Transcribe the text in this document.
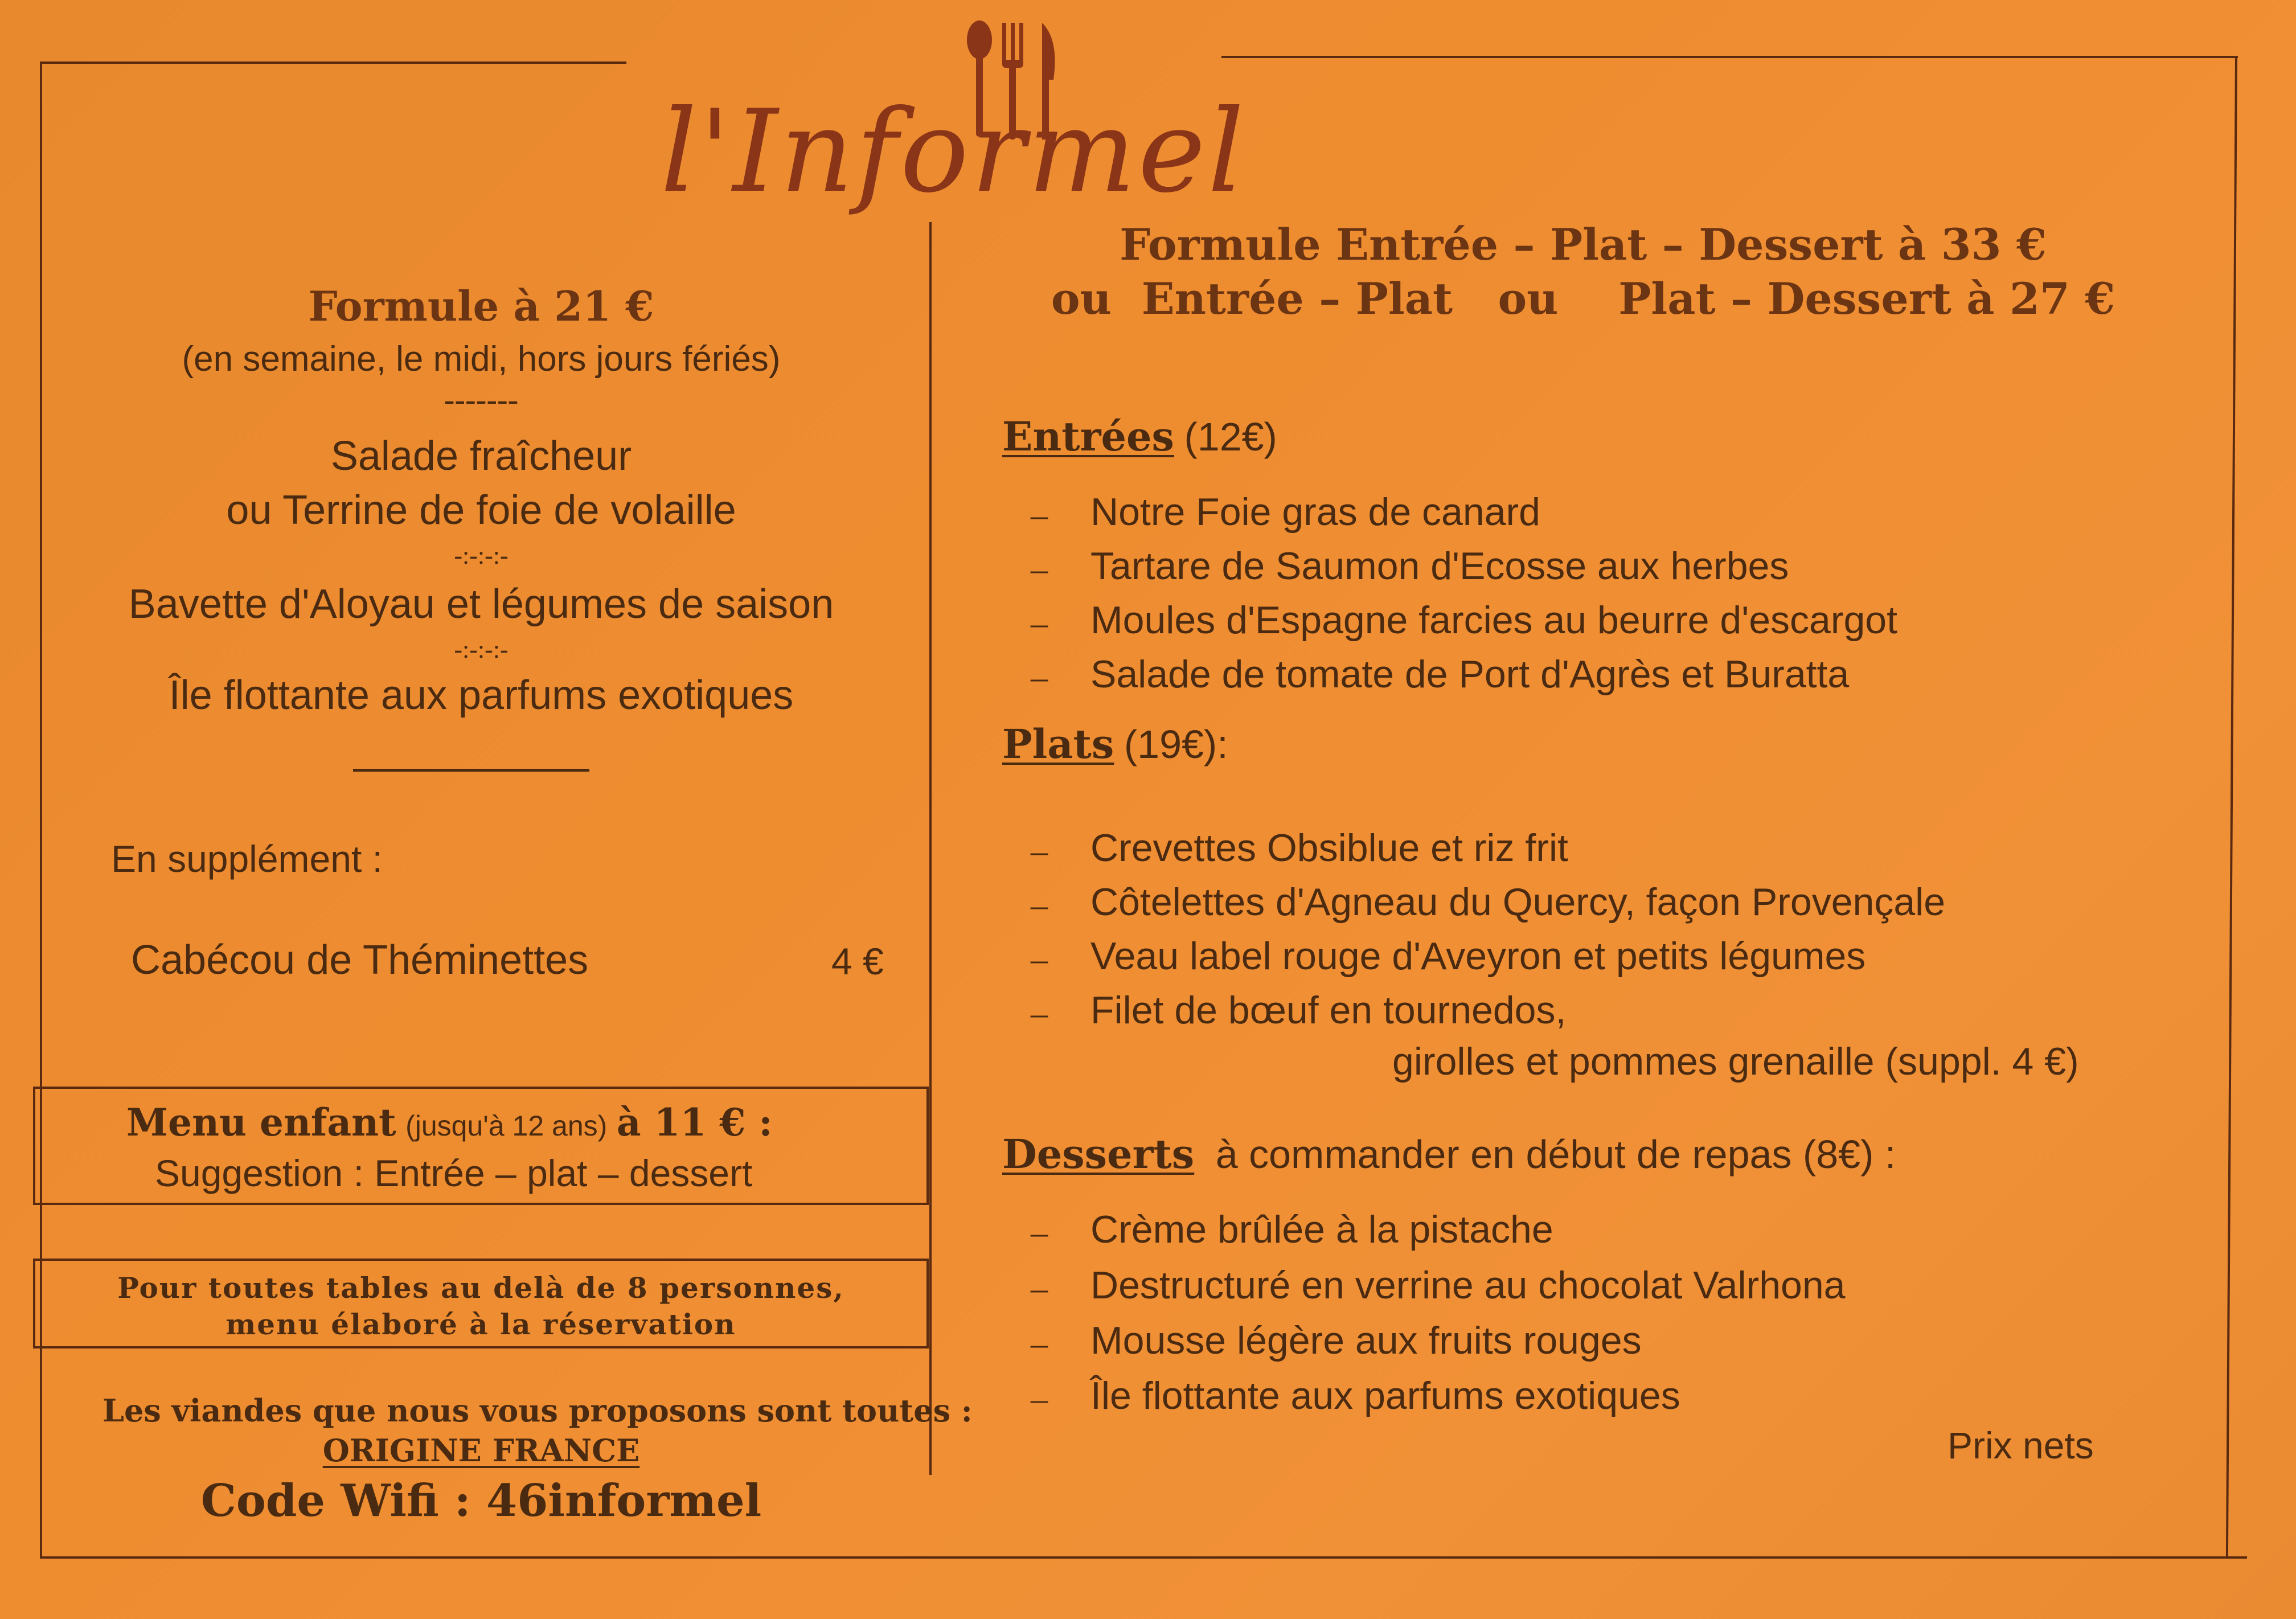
l'Informel
Formule à 21 €
(en semaine, le midi, hors jours fériés)
-------
Salade fraîcheur
ou Terrine de foie de volaille
-:-:-:-
Bavette d'Aloyau et légumes de saison
-:-:-:-
Île flottante aux parfums exotiques
En supplément :
Cabécou de Théminettes	4 €
Menu enfant (jusqu'à 12 ans) à 11 € :
Suggestion : Entrée – plat – dessert
Pour toutes tables au delà de 8 personnes,
menu élaboré à la réservation
Les viandes que nous vous proposons sont toutes :
ORIGINE FRANCE
Code Wifi : 46informel
Formule Entrée – Plat – Dessert à 33 €
ou  Entrée – Plat   ou    Plat – Dessert à 27 €
Entrées (12€)
– Notre Foie gras de canard
– Tartare de Saumon d'Ecosse aux herbes
– Moules d'Espagne farcies au beurre d'escargot
– Salade de tomate de Port d'Agrès et Buratta
Plats (19€):
– Crevettes Obsiblue et riz frit
– Côtelettes d'Agneau du Quercy, façon Provençale
– Veau label rouge d'Aveyron et petits légumes
– Filet de bœuf en tournedos,
girolles et pommes grenaille (suppl. 4 €)
Desserts à commander en début de repas (8€) :
– Crème brûlée à la pistache
– Destructuré en verrine au chocolat Valrhona
– Mousse légère aux fruits rouges
– Île flottante aux parfums exotiques
Prix nets
